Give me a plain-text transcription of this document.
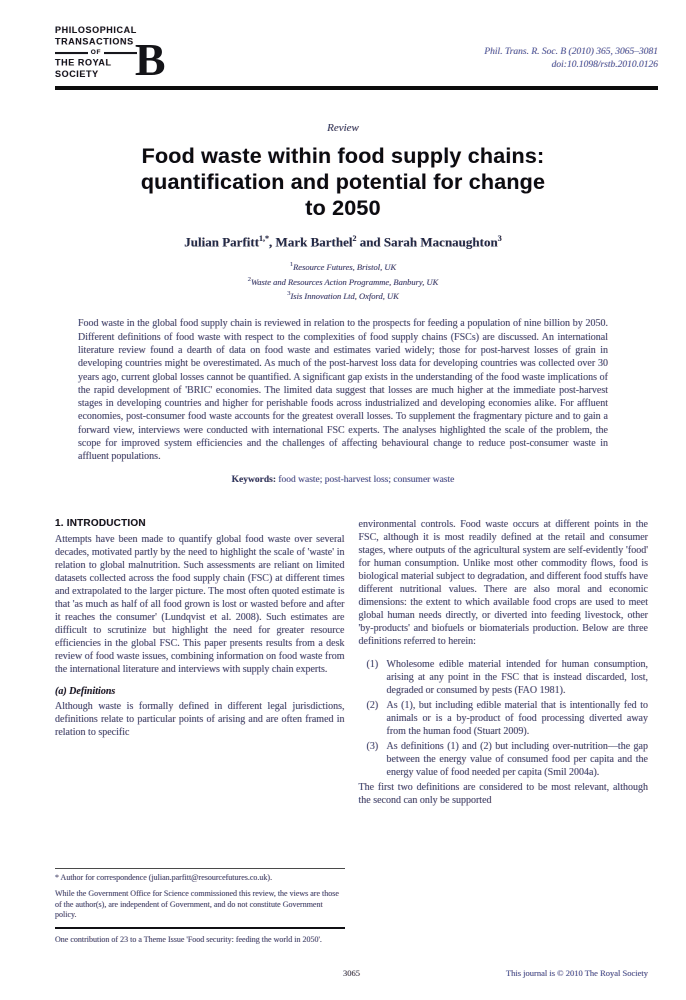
PHILOSOPHICAL
TRANSACTIONS
OF
THE ROYAL
SOCIETY B	Phil. Trans. R. Soc. B (2010) 365, 3065–3081
doi:10.1098/rstb.2010.0126
Review
Food waste within food supply chains:
quantification and potential for change
to 2050
Julian Parfitt$^{1,*}$, Mark Barthel$^2$ and Sarah Macnaughton$^3$
$^1$Resource Futures, Bristol, UK
$^2$Waste and Resources Action Programme, Banbury, UK
$^3$Isis Innovation Ltd, Oxford, UK
Food waste in the global food supply chain is reviewed in relation to the prospects for feeding a population of nine billion by 2050. Different definitions of food waste with respect to the complexities of food supply chains (FSCs) are discussed. An international literature review found a dearth of data on food waste and estimates varied widely; those for post-harvest losses of grain in developing countries might be overestimated. As much of the post-harvest loss data for developing countries was collected over 30 years ago, current global losses cannot be quantified. A significant gap exists in the understanding of the food waste implications of the rapid development of 'BRIC' economies. The limited data suggest that losses are much higher at the immediate post-harvest stages in developing countries and higher for perishable foods across industrialized and developing economies alike. For affluent economies, post-consumer food waste accounts for the greatest overall losses. To supplement the fragmentary picture and to gain a forward view, interviews were conducted with international FSC experts. The analyses highlighted the scale of the problem, the scope for improved system efficiencies and the challenges of affecting behavioural change to reduce post-consumer waste in affluent populations.
Keywords: food waste; post-harvest loss; consumer waste
1. INTRODUCTION

Attempts have been made to quantify global food waste over several decades, motivated partly by the need to highlight the scale of 'waste' in relation to global malnutrition. Such assessments are reliant on limited datasets collected across the food supply chain (FSC) at different times and extrapolated to the larger picture. The most often quoted estimate is that 'as much as half of all food grown is lost or wasted before and after it reaches the consumer' (Lundqvist et al. 2008). Such estimates are difficult to scrutinize but highlight the need for greater resource efficiencies in the global FSC. This paper presents results from a desk review of food waste issues, combining information on food waste from the international literature and interviews with supply chain experts.

(a) Definitions

Although waste is formally defined in different legal jurisdictions, definitions relate to particular points of arising and are often framed in relation to specific

* Author for correspondence (julian.parfitt@resourcefutures.co.uk).
While the Government Office for Science commissioned this review, the views are those of the author(s), are independent of Government, and do not constitute Government policy.
One contribution of 23 to a Theme Issue 'Food security: feeding the world in 2050'.

environmental controls. Food waste occurs at different points in the FSC, although it is most readily defined at the retail and consumer stages, where outputs of the agricultural system are self-evidently 'food' for human consumption. Unlike most other commodity flows, food is biological material subject to degradation, and different food stuffs have different nutritional values. There are also moral and economic dimensions: the extent to which available food crops are used to meet global human needs directly, or diverted into feeding livestock, other 'by-products' and biofuels or biomaterials production. Below are three definitions referred to herein:

(1) Wholesome edible material intended for human consumption, arising at any point in the FSC that is instead discarded, lost, degraded or consumed by pests (FAO 1981).
(2) As (1), but including edible material that is intentionally fed to animals or is a by-product of food processing diverted away from the human food (Stuart 2009).
(3) As definitions (1) and (2) but including over-nutrition—the gap between the energy value of consumed food per capita and the energy value of food needed per capita (Smil 2004a).

The first two definitions are considered to be most relevant, although the second can only be supported

3065	This journal is © 2010 The Royal Society
